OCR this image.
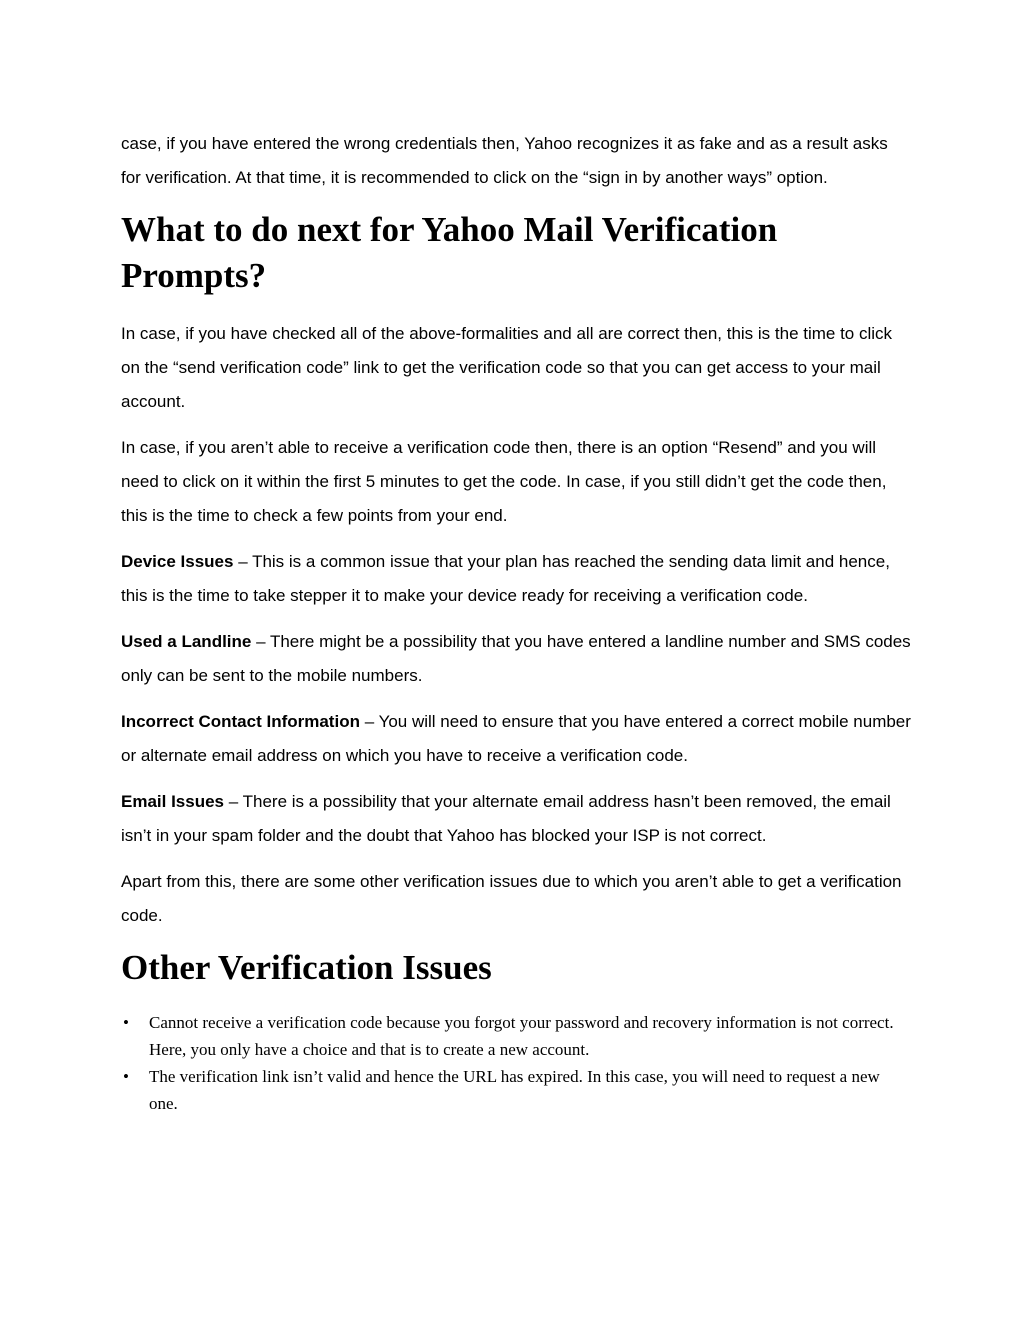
case, if you have entered the wrong credentials then, Yahoo recognizes it as fake and as a result asks for verification. At that time, it is recommended to click on the “sign in by another ways” option.

What to do next for Yahoo Mail Verification Prompts?

In case, if you have checked all of the above-formalities and all are correct then, this is the time to click on the “send verification code” link to get the verification code so that you can get access to your mail account.

In case, if you aren’t able to receive a verification code then, there is an option “Resend” and you will need to click on it within the first 5 minutes to get the code. In case, if you still didn’t get the code then, this is the time to check a few points from your end.

Device Issues – This is a common issue that your plan has reached the sending data limit and hence, this is the time to take stepper it to make your device ready for receiving a verification code.

Used a Landline – There might be a possibility that you have entered a landline number and SMS codes only can be sent to the mobile numbers.

Incorrect Contact Information – You will need to ensure that you have entered a correct mobile number or alternate email address on which you have to receive a verification code.

Email Issues – There is a possibility that your alternate email address hasn’t been removed, the email isn’t in your spam folder and the doubt that Yahoo has blocked your ISP is not correct.

Apart from this, there are some other verification issues due to which you aren’t able to get a verification code.

Other Verification Issues
• Cannot receive a verification code because you forgot your password and recovery information is not correct. Here, you only have a choice and that is to create a new account.
• The verification link isn’t valid and hence the URL has expired. In this case, you will need to request a new one.
